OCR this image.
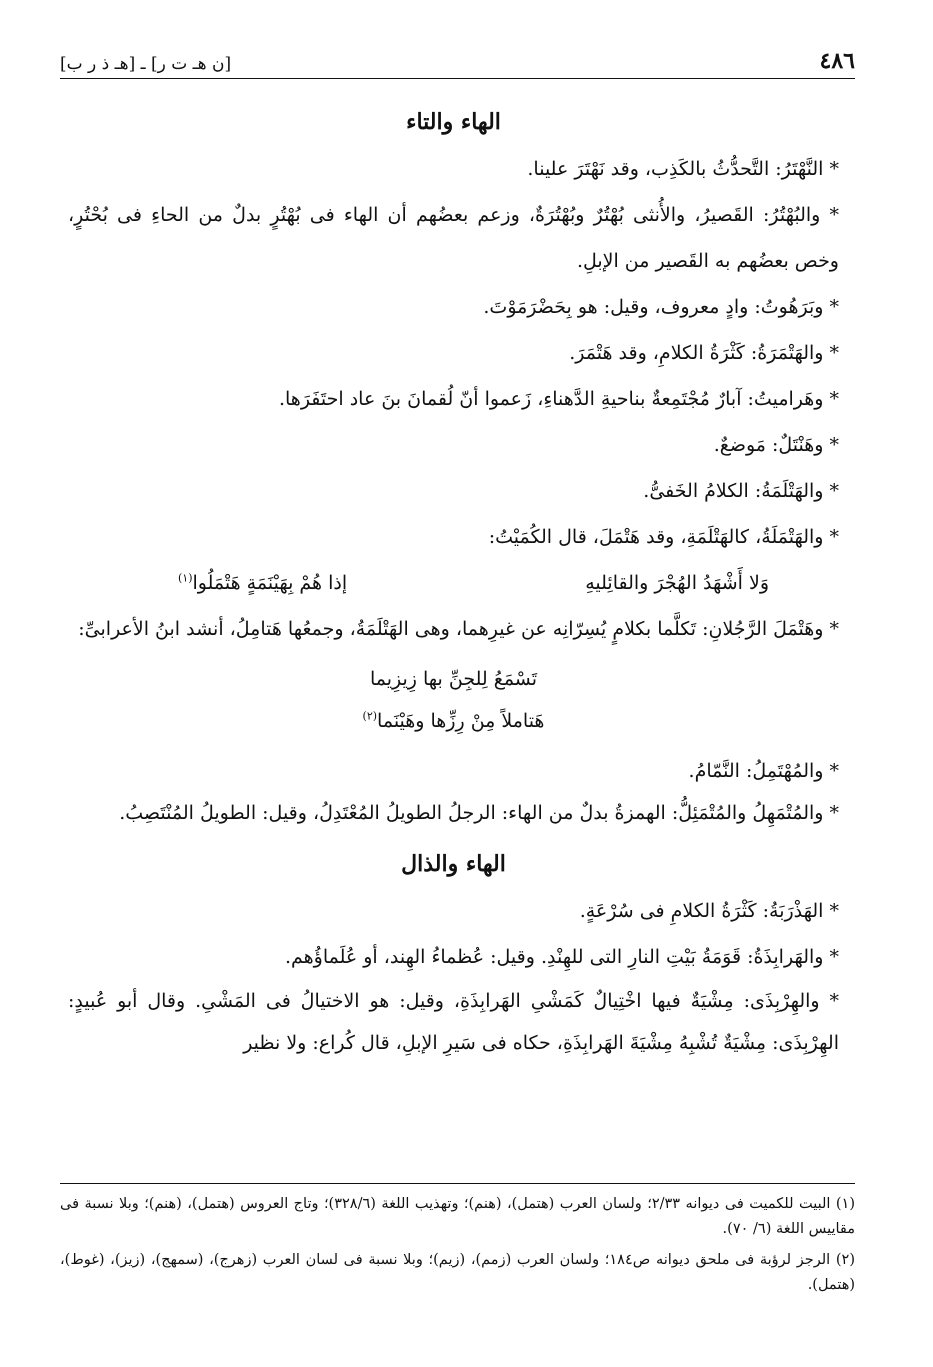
٤٨٦
[ن هـ ت ر] ـ [هـ ذ ر ب]

الهاء والتاء

* النَّهْتَرُ: التَّحدُّثُ بالكَذِب، وقد نَهْتَرَ علينا.

* والبُهْتُرُ: القَصيرُ، والأُنثى بُهْتُرٌ وبُهْتُرَةٌ، وزعم بعضُهم أن الهاء فى بُهْتُرٍ بدلٌ من الحاءِ فى بُحْتُرٍ، وخص بعضُهم به القَصير من الإبلِ.

* وبَرَهُوتُ: وادٍ معروف، وقيل: هو بِحَضْرَمَوْتَ.

* والهَتْمَرَةُ: كَثْرَةُ الكلامِ، وقد هَتْمَرَ.

* وهَراميتُ: آبارٌ مُجْتَمِعةٌ بناحيةِ الدَّهناءِ، زَعموا أنّ لُقمانَ بنَ عاد احتَفَرَها.

* وهَنْتَلٌ: مَوضعٌ.

* والهَتْلَمَةُ: الكلامُ الخَفىُّ.

* والهَتْمَلَةُ، كالهَتْلَمَةِ، وقد هَتْمَلَ، قال الكُمَيْتُ:

وَلا أَشْهَدُ الهُجْرَ والقائِليهِ
إذا هُمْ بِهَيْنَمَةٍ هَتْمَلُوا$^{(١)}$

* وهَتْمَلَ الرَّجُلانِ: تَكلَّما بكلامٍ يُسِرّانِه عن غيرِهما، وهى الهَتْلَمَةُ، وجمعُها هَتامِلُ، أنشد ابنُ الأعرابىِّ:

تَسْمَعُ لِلجِنِّ بها زِيزِيما

هَتاملاً مِنْ رِزِّها وهَيْنَما$^{(٢)}$

* والمُهْتَمِلُ: النَّمّامُ.

* والمُتْمَهِلُ والمُتْمَئِلُّ: الهمزةُ بدلٌ من الهاء: الرجلُ الطويلُ المُعْتَدِلُ، وقيل: الطويلُ المُنْتَصِبُ.

الهاء والذال

* الهَذْرَبَةُ: كَثْرَةُ الكلامِ فى سُرْعَةٍ.

* والهَرابِذَةُ: قَوَمَةُ بَيْتِ النارِ التى للهِنْدِ. وقيل: عُظماءُ الهِند، أو عُلَماؤُهم.

* والهِرْبِذَى: مِشْيَةٌ فيها اخْتِيالٌ كَمَشْىِ الهَرابِذَةِ، وقيل: هو الاختيالُ فى المَشْىِ. وقال أبو عُبيدٍ: الهِرْبِذَى: مِشْيَةٌ تُشْبِهُ مِشْيَةَ الهَرابِذَةِ، حكاه فى سَيرِ الإبلِ، قال كُراع: ولا نظير

(١) البيت للكميت فى ديوانه ٢/٣٣؛ ولسان العرب (هتمل)، (هنم)؛ وتهذيب اللغة (٣٢٨/٦)؛ وتاج العروس (هتمل)، (هنم)؛ وبلا نسبة فى مقاييس اللغة (٦/ ٧٠).

(٢) الرجز لرؤبة فى ملحق ديوانه ص١٨٤؛ ولسان العرب (زمم)، (زيم)؛ وبلا نسبة فى لسان العرب (زهرج)، (سمهج)، (زيز)، (غوط)، (هتمل).
